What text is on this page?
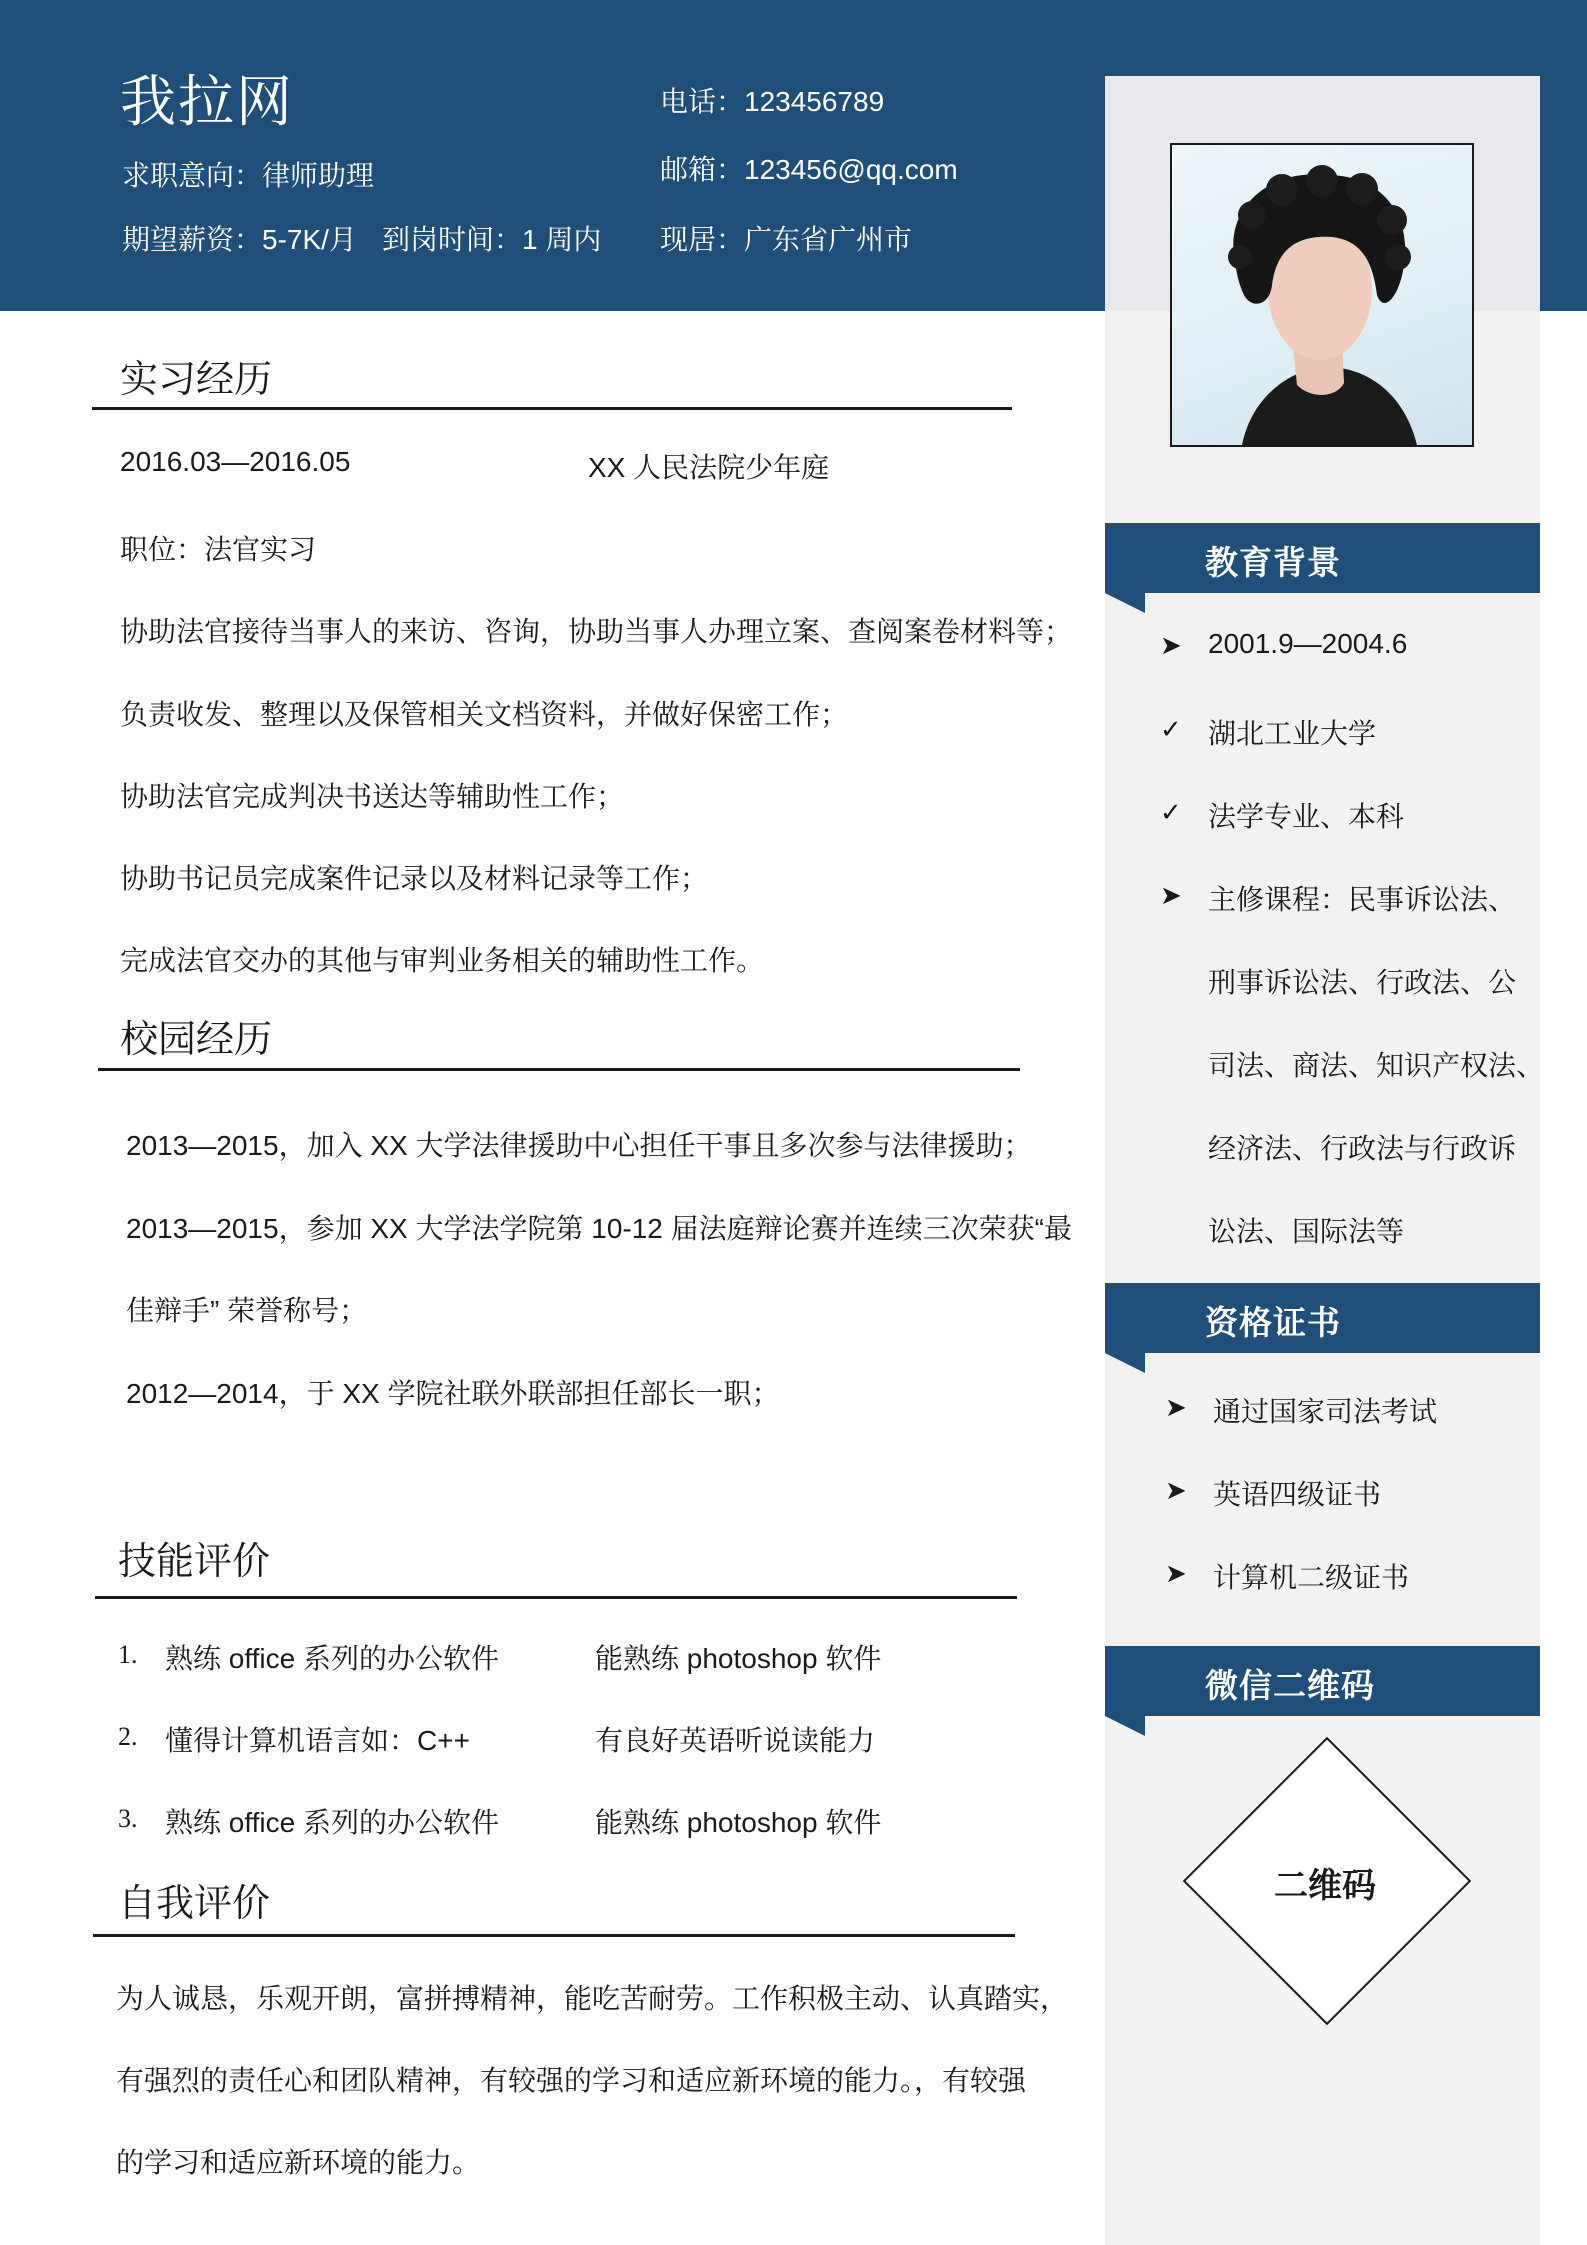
我拉网
求职意向：律师助理
期望薪资：5-7K/月 到岗时间：1 周内
电话：123456789
邮箱：123456@qq.com
现居：广东省广州市
教育背景
➤ 2001.9—2004.6
✓ 湖北工业大学
✓ 法学专业、本科
➤ 主修课程：民事诉讼法、
刑事诉讼法、行政法、公
司法、商法、知识产权法、
经济法、行政法与行政诉
讼法、国际法等
资格证书
➤ 通过国家司法考试
➤ 英语四级证书
➤ 计算机二级证书
微信二维码
二维码
实习经历
2016.03—2016.05	XX 人民法院少年庭
职位：法官实习
协助法官接待当事人的来访、咨询，协助当事人办理立案、查阅案卷材料等；
负责收发、整理以及保管相关文档资料，并做好保密工作；
协助法官完成判决书送达等辅助性工作；
协助书记员完成案件记录以及材料记录等工作；
完成法官交办的其他与审判业务相关的辅助性工作。
校园经历
2013—2015，加入 XX 大学法律援助中心担任干事且多次参与法律援助；
2013—2015，参加 XX 大学法学院第 10-12 届法庭辩论赛并连续三次荣获“最
佳辩手” 荣誉称号；
2012—2014，于 XX 学院社联外联部担任部长一职；
技能评价
1. 熟练 office 系列的办公软件	能熟练 photoshop 软件
2. 懂得计算机语言如：C++	有良好英语听说读能力
3. 熟练 office 系列的办公软件	能熟练 photoshop 软件
自我评价
为人诚恳，乐观开朗，富拼搏精神，能吃苦耐劳。工作积极主动、认真踏实，
有强烈的责任心和团队精神，有较强的学习和适应新环境的能力。，有较强
的学习和适应新环境的能力。
